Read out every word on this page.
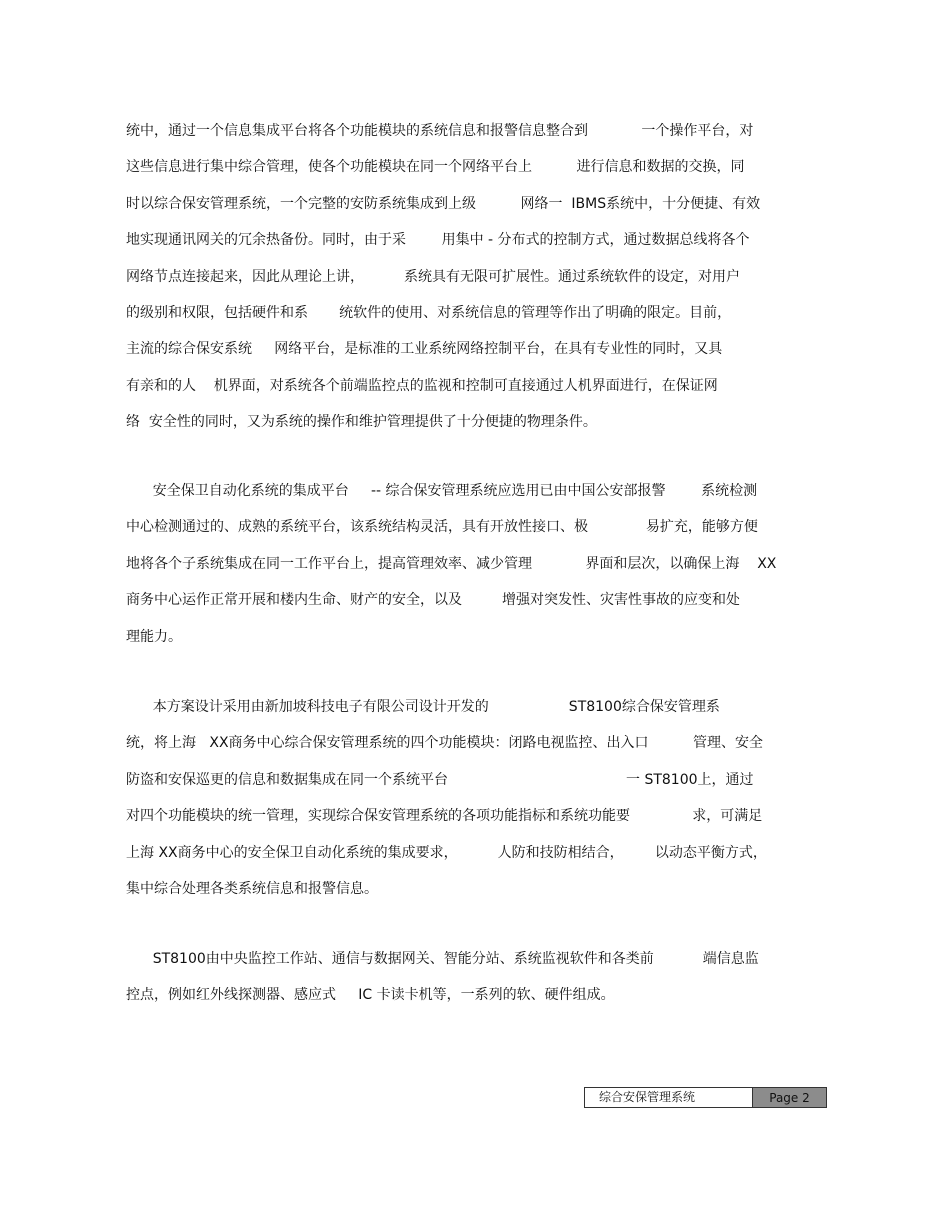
统中，通过一个信息集成平台将各个功能模块的系统信息和报警信息整合到            一个操作平台，对
这些信息进行集中综合管理，使各个功能模块在同一个网络平台上          进行信息和数据的交换，同
时以综合保安管理系统，一个完整的安防系统集成到上级          网络一  IBMS系统中，十分便捷、有效
地实现通讯网关的冗余热备份。同时，由于采        用集中 - 分布式的控制方式，通过数据总线将各个
网络节点连接起来，因此从理论上讲，         系统具有无限可扩展性。通过系统软件的设定，对用户
的级别和权限，包括硬件和系       统软件的使用、对系统信息的管理等作出了明确的限定。目前，
主流的综合保安系统     网络平台，是标准的工业系统网络控制平台，在具有专业性的同时，又具
有亲和的人    机界面，对系统各个前端监控点的监视和控制可直接通过人机界面进行，在保证网
络  安全性的同时，又为系统的操作和维护管理提供了十分便捷的物理条件。
安全保卫自动化系统的集成平台     -- 综合保安管理系统应选用已由中国公安部报警        系统检测
中心检测通过的、成熟的系统平台，该系统结构灵活，具有开放性接口、极             易扩充，能够方便
地将各个子系统集成在同一工作平台上，提高管理效率、减少管理            界面和层次，以确保上海    XX
商务中心运作正常开展和楼内生命、财产的安全，以及         增强对突发性、灾害性事故的应变和处
理能力。
本方案设计采用由新加坡科技电子有限公司设计开发的                  ST8100综合保安管理系
统，将上海   XX商务中心综合保安管理系统的四个功能模块：闭路电视监控、出入口          管理、安全
防盗和安保巡更的信息和数据集成在同一个系统平台                                        一 ST8100上，通过
对四个功能模块的统一管理，实现综合保安管理系统的各项功能指标和系统功能要              求，可满足
上海 XX商务中心的安全保卫自动化系统的集成要求，         人防和技防相结合，       以动态平衡方式，
集中综合处理各类系统信息和报警信息。
ST8100由中央监控工作站、通信与数据网关、智能分站、系统监视软件和各类前           端信息监
控点，例如红外线探测器、感应式     IC 卡读卡机等，一系列的软、硬件组成。
综合安保管理系统	Page 2
